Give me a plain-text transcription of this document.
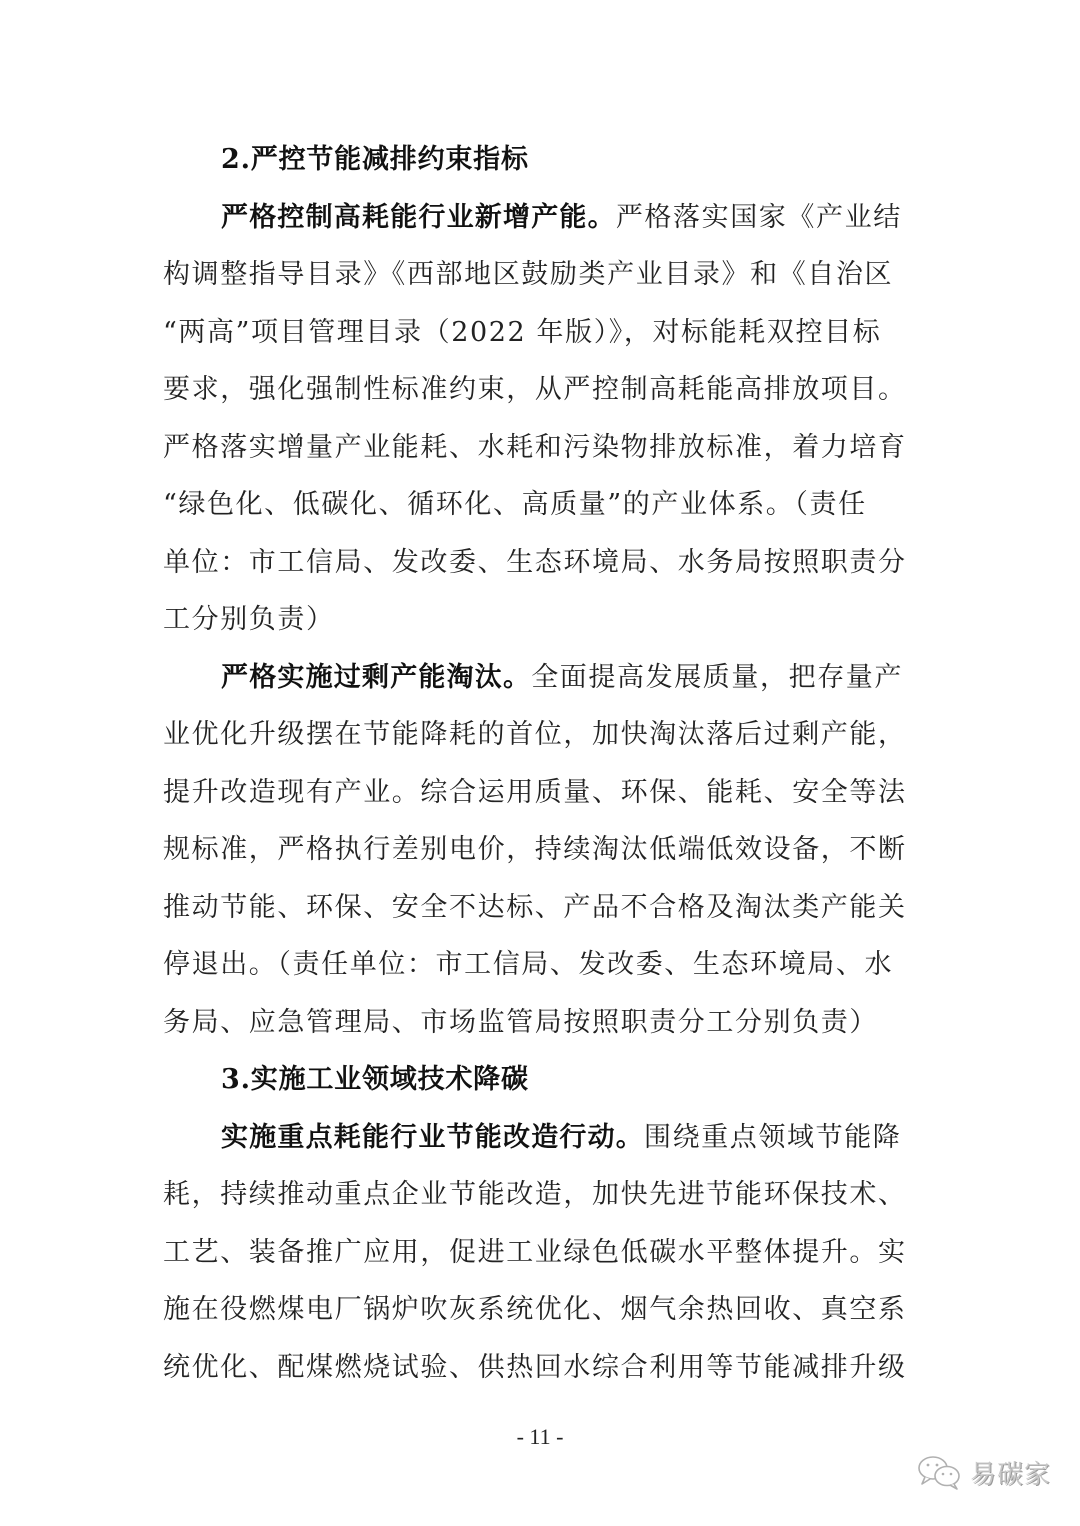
2.严控节能减排约束指标
严格控制高耗能行业新增产能。严格落实国家《产业结
构调整指导目录》《西部地区鼓励类产业目录》和《自治区
“两高”项目管理目录（2022 年版）》，对标能耗双控目标
要求，强化强制性标准约束，从严控制高耗能高排放项目。
严格落实增量产业能耗、水耗和污染物排放标准，着力培育
“绿色化、低碳化、循环化、高质量”的产业体系。（责任
单位：市工信局、发改委、生态环境局、水务局按照职责分
工分别负责）
严格实施过剩产能淘汰。全面提高发展质量，把存量产
业优化升级摆在节能降耗的首位，加快淘汰落后过剩产能，
提升改造现有产业。综合运用质量、环保、能耗、安全等法
规标准，严格执行差别电价，持续淘汰低端低效设备，不断
推动节能、环保、安全不达标、产品不合格及淘汰类产能关
停退出。（责任单位：市工信局、发改委、生态环境局、水
务局、应急管理局、市场监管局按照职责分工分别负责）
3.实施工业领域技术降碳
实施重点耗能行业节能改造行动。围绕重点领域节能降
耗，持续推动重点企业节能改造，加快先进节能环保技术、
工艺、装备推广应用，促进工业绿色低碳水平整体提升。实
施在役燃煤电厂锅炉吹灰系统优化、烟气余热回收、真空系
统优化、配煤燃烧试验、供热回水综合利用等节能减排升级
- 11 -
易碳家
